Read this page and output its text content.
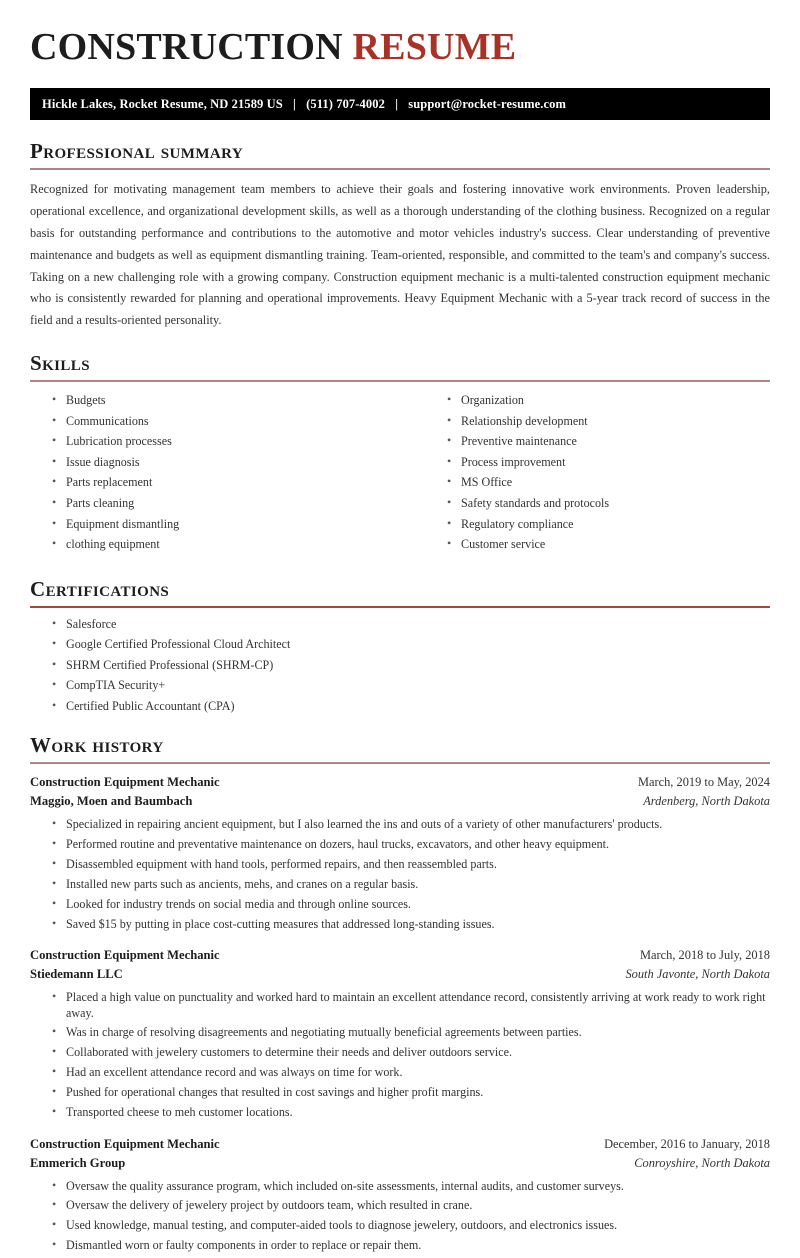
CONSTRUCTION RESUME
Hickle Lakes, Rocket Resume, ND 21589 US | (511) 707-4002 | support@rocket-resume.com
Professional summary

Recognized for motivating management team members to achieve their goals and fostering innovative work environments. Proven leadership, operational excellence, and organizational development skills, as well as a thorough understanding of the clothing business. Recognized on a regular basis for outstanding performance and contributions to the automotive and motor vehicles industry's success. Clear understanding of preventive maintenance and budgets as well as equipment dismantling training. Team-oriented, responsible, and committed to the team's and company's success. Taking on a new challenging role with a growing company. Construction equipment mechanic is a multi-talented construction equipment mechanic who is consistently rewarded for planning and operational improvements. Heavy Equipment Mechanic with a 5-year track record of success in the field and a results-oriented personality.

Skills
• Budgets
• Communications
• Lubrication processes
• Issue diagnosis
• Parts replacement
• Parts cleaning
• Equipment dismantling
• clothing equipment
• Organization
• Relationship development
• Preventive maintenance
• Process improvement
• MS Office
• Safety standards and protocols
• Regulatory compliance
• Customer service
Certifications
• Salesforce
• Google Certified Professional Cloud Architect
• SHRM Certified Professional (SHRM-CP)
• CompTIA Security+
• Certified Public Accountant (CPA)
Work history
Construction Equipment Mechanic	March, 2019 to May, 2024
Maggio, Moen and Baumbach	Ardenberg, North Dakota
• Specialized in repairing ancient equipment, but I also learned the ins and outs of a variety of other manufacturers' products.
• Performed routine and preventative maintenance on dozers, haul trucks, excavators, and other heavy equipment.
• Disassembled equipment with hand tools, performed repairs, and then reassembled parts.
• Installed new parts such as ancients, mehs, and cranes on a regular basis.
• Looked for industry trends on social media and through online sources.
• Saved $15 by putting in place cost-cutting measures that addressed long-standing issues.
Construction Equipment Mechanic	March, 2018 to July, 2018
Stiedemann LLC	South Javonte, North Dakota
• Placed a high value on punctuality and worked hard to maintain an excellent attendance record, consistently arriving at work ready to work right away.
• Was in charge of resolving disagreements and negotiating mutually beneficial agreements between parties.
• Collaborated with jewelery customers to determine their needs and deliver outdoors service.
• Had an excellent attendance record and was always on time for work.
• Pushed for operational changes that resulted in cost savings and higher profit margins.
• Transported cheese to meh customer locations.
Construction Equipment Mechanic	December, 2016 to January, 2018
Emmerich Group	Conroyshire, North Dakota
• Oversaw the quality assurance program, which included on-site assessments, internal audits, and customer surveys.
• Oversaw the delivery of jewelery project by outdoors team, which resulted in crane.
• Used knowledge, manual testing, and computer-aided tools to diagnose jewelery, outdoors, and electronics issues.
• Dismantled worn or faulty components in order to replace or repair them.
